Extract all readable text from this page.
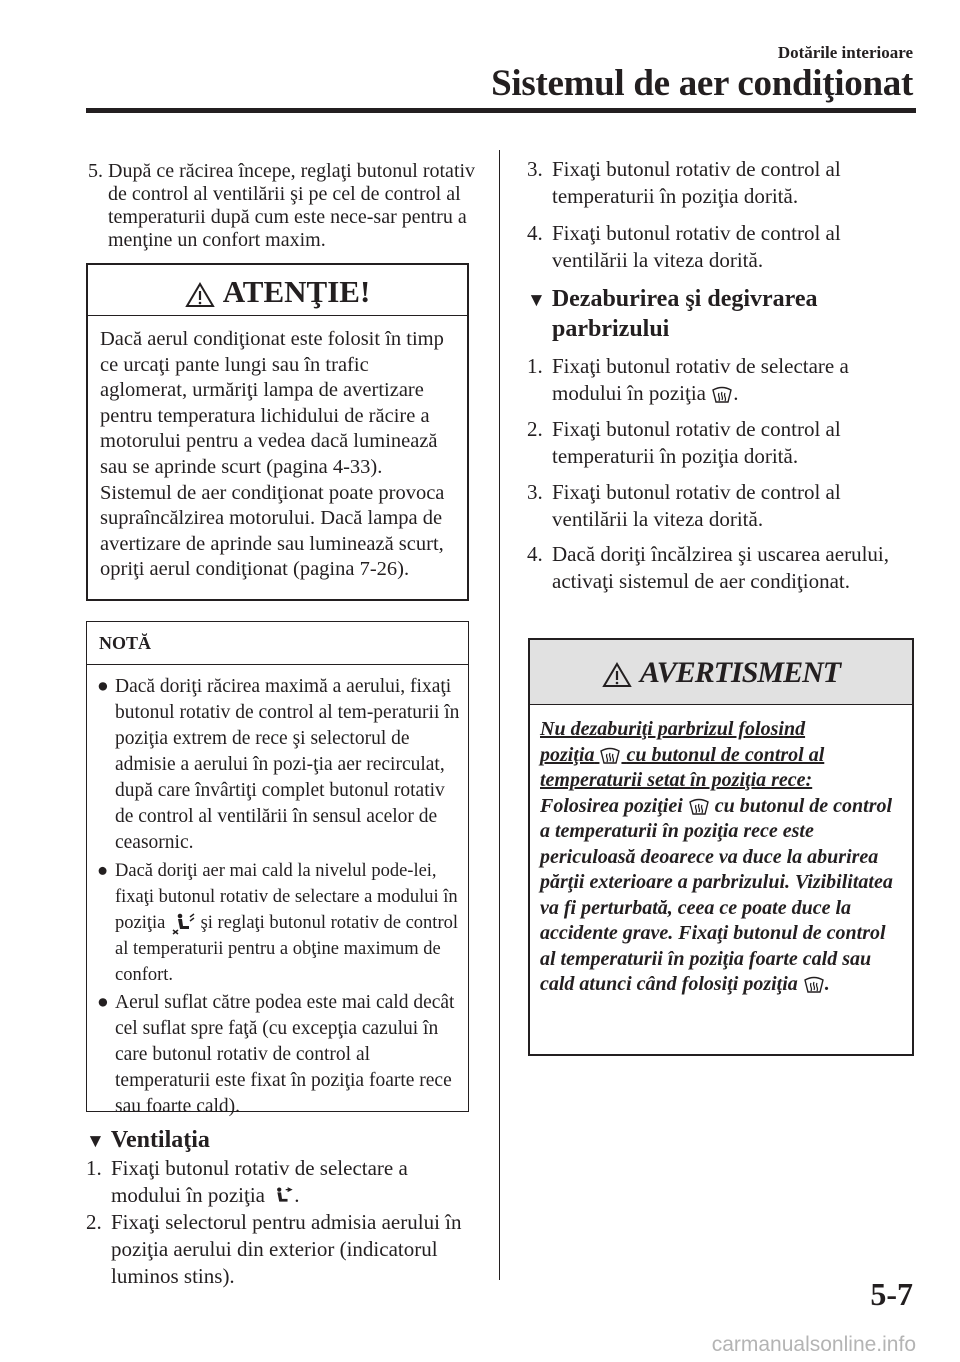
Dotările interioare
Sistemul de aer condiţionat
5. După ce răcirea începe, reglaţi butonul rotativ de control al ventilării şi pe cel de control al temperaturii după cum este nece-sar pentru a menţine un confort maxim.
ATENŢIE!
Dacă aerul condiţionat este folosit în timp ce urcaţi pante lungi sau în trafic aglomerat, urmăriţi lampa de avertizare pentru temperatura lichidului de răcire a motorului pentru a vedea dacă luminează sau se aprinde scurt (pagina 4-33). Sistemul de aer condiţionat poate provoca supraîncălzirea motorului. Dacă lampa de avertizare de aprinde sau luminează scurt, opriţi aerul condiţionat (pagina 7-26).
NOTĂ
● Dacă doriţi răcirea maximă a aerului, fixaţi butonul rotativ de control al tem-peraturii în poziţia extrem de rece şi selectorul de admisie a aerului în pozi-ţia aer recirculat, după care învârtiţi complet butonul rotativ de control al ventilării în sensul acelor de ceasornic.
● Dacă doriţi aer mai cald la nivelul pode-lei, fixaţi butonul rotativ de selectare a modului în poziţia şi reglaţi butonul rotativ de control al temperaturii pentru a obţine maximum de confort.
● Aerul suflat către podea este mai cald decât cel suflat spre faţă (cu excepţia cazului în care butonul rotativ de control al temperaturii este fixat în poziţia foarte rece sau foarte cald).
▼ Ventilaţia
1. Fixaţi butonul rotativ de selectare a modului în poziţia .
2. Fixaţi selectorul pentru admisia aerului în poziţia aerului din exterior (indicatorul luminos stins).
3. Fixaţi butonul rotativ de control al temperaturii în poziţia dorită.
4. Fixaţi butonul rotativ de control al ventilării la viteza dorită.
▼ Dezaburirea şi degivrarea
parbrizului
1. Fixaţi butonul rotativ de selectare a modului în poziţia .
2. Fixaţi butonul rotativ de control al temperaturii în poziţia dorită.
3. Fixaţi butonul rotativ de control al ventilării la viteza dorită.
4. Dacă doriţi încălzirea şi uscarea aerului, activaţi sistemul de aer condiţionat.
AVERTISMENT
Nu dezaburiţi parbrizul folosind
poziţia cu butonul de control al
temperaturii setat în poziţia rece:
Folosirea poziţiei cu butonul de control a temperaturii în poziţia rece este periculoasă deoarece va duce la aburirea părţii exterioare a parbrizului. Vizibilitatea va fi perturbată, ceea ce poate duce la accidente grave. Fixaţi butonul de control al temperaturii în poziţia foarte cald sau cald atunci când folosiţi poziţia .
5-7
carmanualsonline.info
